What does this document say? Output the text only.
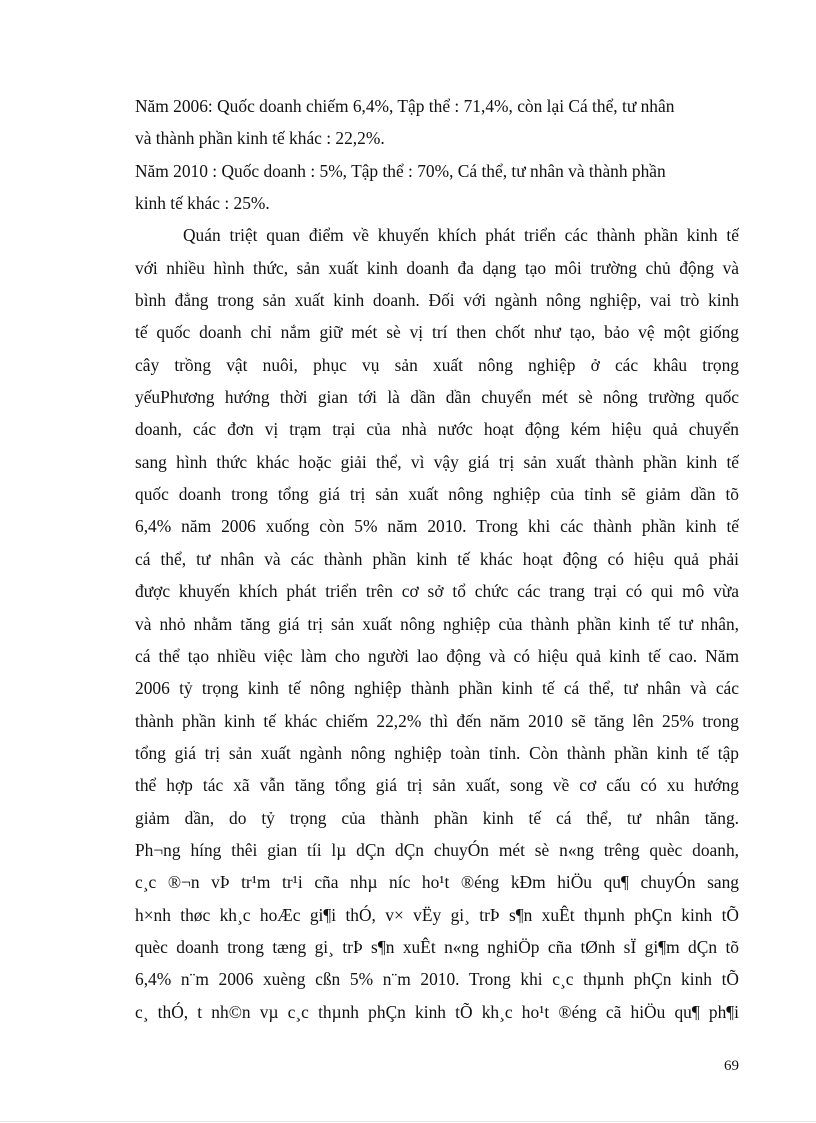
Năm 2006: Quốc doanh chiếm 6,4%, Tập thể : 71,4%, còn lại Cá thể, tư nhân
và thành phần kinh tế khác : 22,2%.
Năm 2010 : Quốc doanh : 5%, Tập thể : 70%, Cá thể, tư nhân và thành phần
kinh tế khác : 25%.
Quán triệt quan điểm về khuyến khích phát triển các thành phần kinh tế
với nhiều hình thức, sản xuất kinh doanh đa dạng tạo môi trường chủ động và
bình đẳng trong sản xuất kinh doanh. Đối với ngành nông nghiệp, vai trò kinh
tế quốc doanh chỉ nắm giữ mét sè vị trí then chốt như tạo, bảo vệ một giống
cây trồng vật nuôi, phục vụ sản xuất nông nghiệp ở các khâu trọng
yếuPhương hướng thời gian tới là dần dần chuyển mét sè nông trường quốc
doanh, các đơn vị trạm trại của nhà nước hoạt động kém hiệu quả chuyển
sang hình thức khác hoặc giải thể, vì vậy giá trị sản xuất thành phần kinh tế
quốc doanh trong tổng giá trị sản xuất nông nghiệp của tỉnh sẽ giảm dần tõ
6,4% năm 2006 xuống còn 5% năm 2010. Trong khi các thành phần kinh tế
cá thể, tư nhân và các thành phần kinh tế khác hoạt động có hiệu quả phải
được khuyến khích phát triển trên cơ sở tổ chức các trang trại có qui mô vừa
và nhỏ nhằm tăng giá trị sản xuất nông nghiệp của thành phần kinh tế tư nhân,
cá thể tạo nhiều việc làm cho người lao động và có hiệu quả kinh tế cao. Năm
2006 tỷ trọng kinh tế nông nghiệp thành phần kinh tế cá thể, tư nhân và các
thành phần kinh tế khác chiếm 22,2% thì đến năm 2010 sẽ tăng lên 25% trong
tổng giá trị sản xuất ngành nông nghiệp toàn tỉnh. Còn thành phần kinh tế tập
thể hợp tác xã vẫn tăng tổng giá trị sản xuất, song về cơ cấu có xu hướng
giảm dần, do tỷ trọng của thành phần kinh tế cá thể, tư nhân tăng.
Ph¬ng híng thêi gian tíi lµ dÇn dÇn chuyÓn mét sè n«ng trêng quèc doanh,
c¸c ®¬n vÞ tr¹m tr¹i cña nhµ níc ho¹t ®éng kÐm hiÖu qu¶ chuyÓn sang
h×nh thøc kh¸c hoÆc gi¶i thÓ, v× vËy gi¸ trÞ s¶n xuÊt thµnh phÇn kinh tÕ
quèc doanh trong tæng gi¸ trÞ s¶n xuÊt n«ng nghiÖp cña tØnh sÏ gi¶m dÇn tõ
6,4% n¨m 2006 xuèng cßn 5% n¨m 2010. Trong khi c¸c thµnh phÇn kinh tÕ
c¸ thÓ, t nh©n vµ c¸c thµnh phÇn kinh tÕ kh¸c ho¹t ®éng cã hiÖu qu¶ ph¶i
69
